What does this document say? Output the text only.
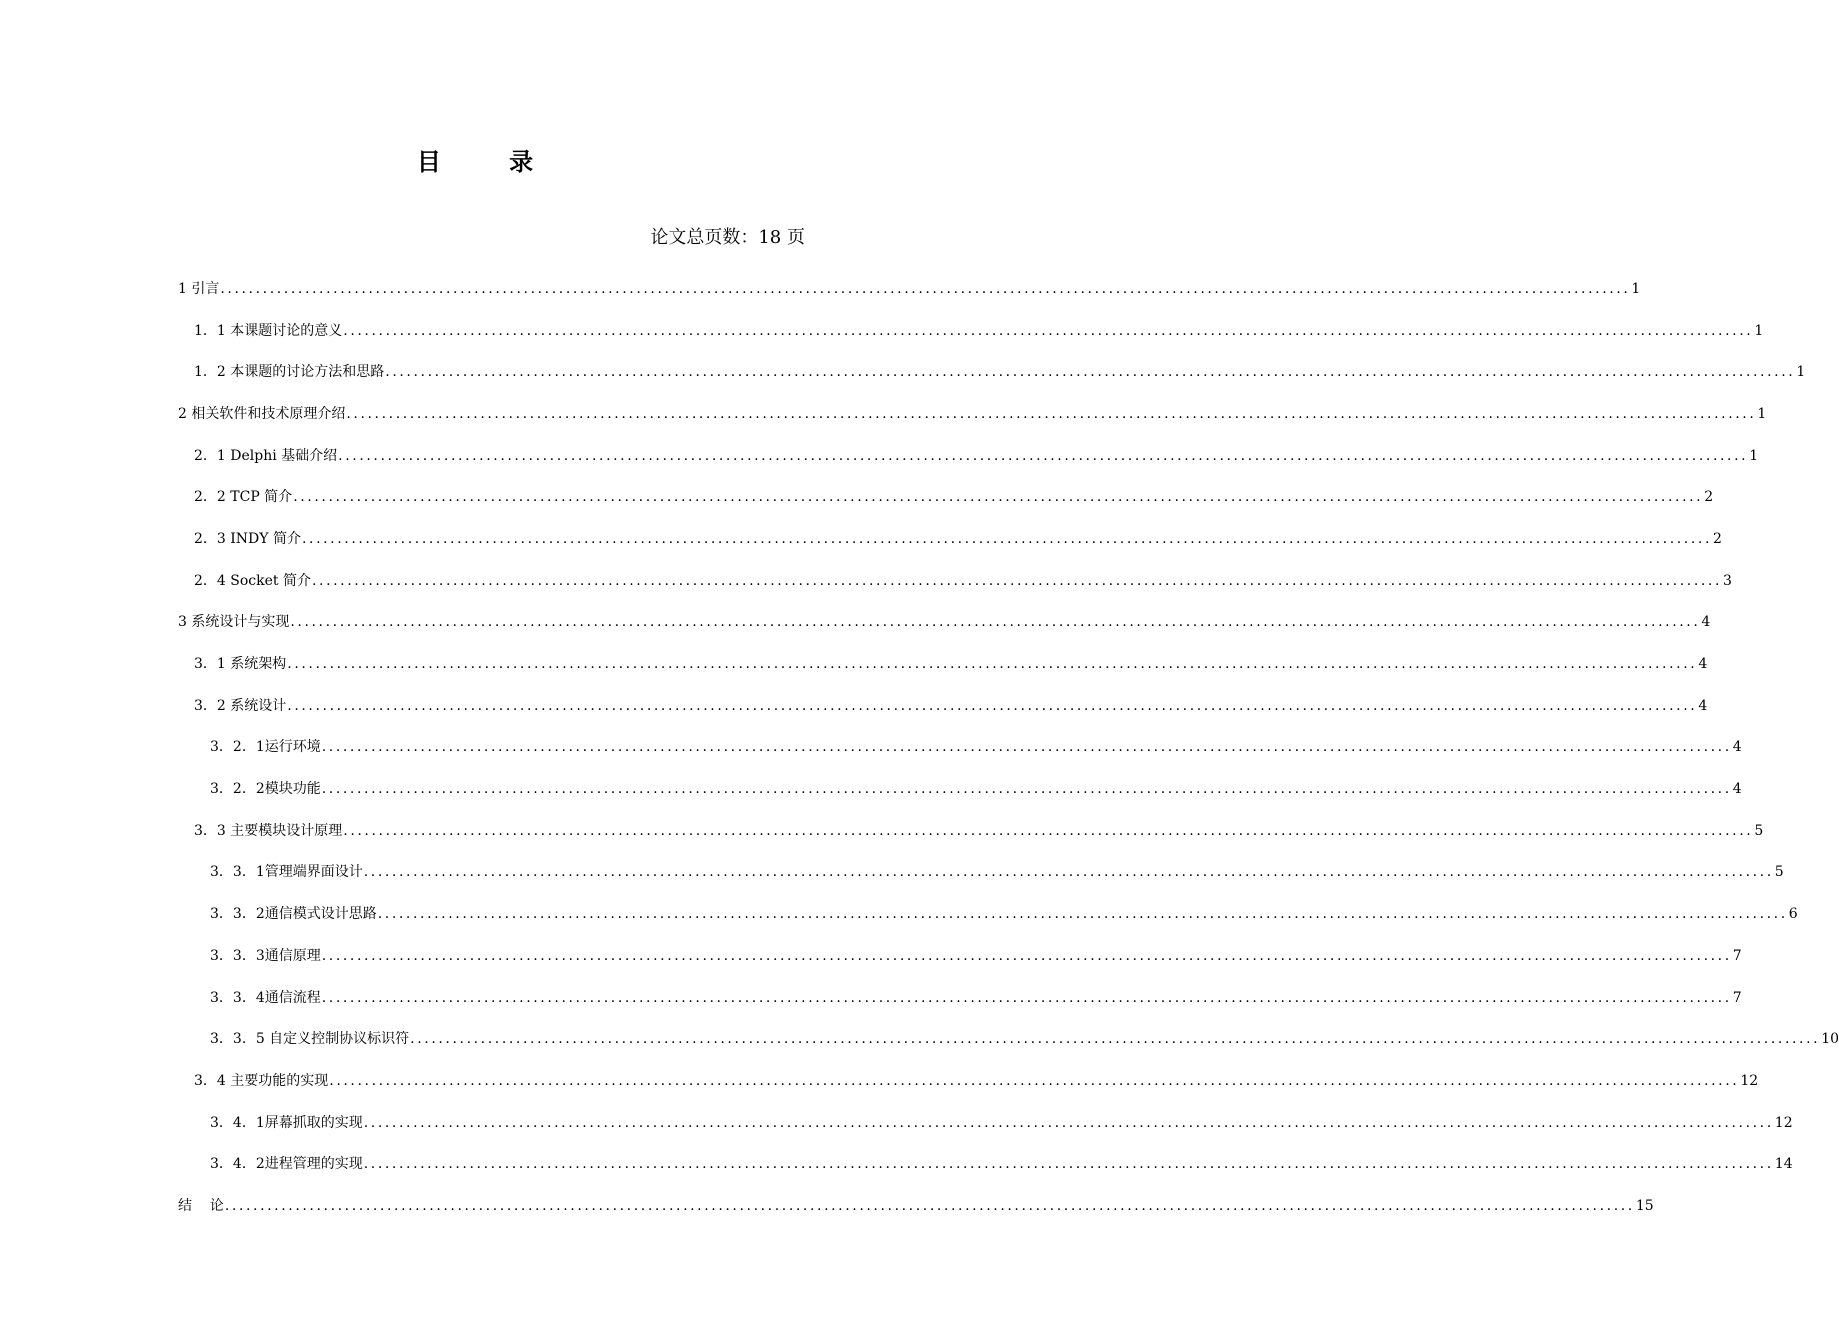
目 录
论文总页数：18 页
1 引言 ........................................................................................................................................................................................................ 1
1．1 本课题讨论的意义 ........................................................................................................................................................................................................ 1
1．2 本课题的讨论方法和思路 ........................................................................................................................................................................................................ 1
2 相关软件和技术原理介绍 ........................................................................................................................................................................................................ 1
2．1 Delphi 基础介绍 ........................................................................................................................................................................................................ 1
2．2 TCP 简介 ........................................................................................................................................................................................................ 2
2．3 INDY 简介 ........................................................................................................................................................................................................ 2
2．4 Socket 简介 ........................................................................................................................................................................................................ 3
3 系统设计与实现 ........................................................................................................................................................................................................ 4
3．1 系统架构 ........................................................................................................................................................................................................ 4
3．2 系统设计 ........................................................................................................................................................................................................ 4
3．2．1运行环境 ........................................................................................................................................................................................................ 4
3．2．2模块功能 ........................................................................................................................................................................................................ 4
3．3 主要模块设计原理 ........................................................................................................................................................................................................ 5
3．3．1管理端界面设计 ........................................................................................................................................................................................................ 5
3．3．2通信模式设计思路 ........................................................................................................................................................................................................ 6
3．3．3通信原理 ........................................................................................................................................................................................................ 7
3．3．4通信流程 ........................................................................................................................................................................................................ 7
3．3．5 自定义控制协议标识符 ........................................................................................................................................................................................................ 10
3．4 主要功能的实现 ........................................................................................................................................................................................................ 12
3．4．1屏幕抓取的实现 ........................................................................................................................................................................................................ 12
3．4．2进程管理的实现 ........................................................................................................................................................................................................ 14
结    论 ........................................................................................................................................................................................................ 15
